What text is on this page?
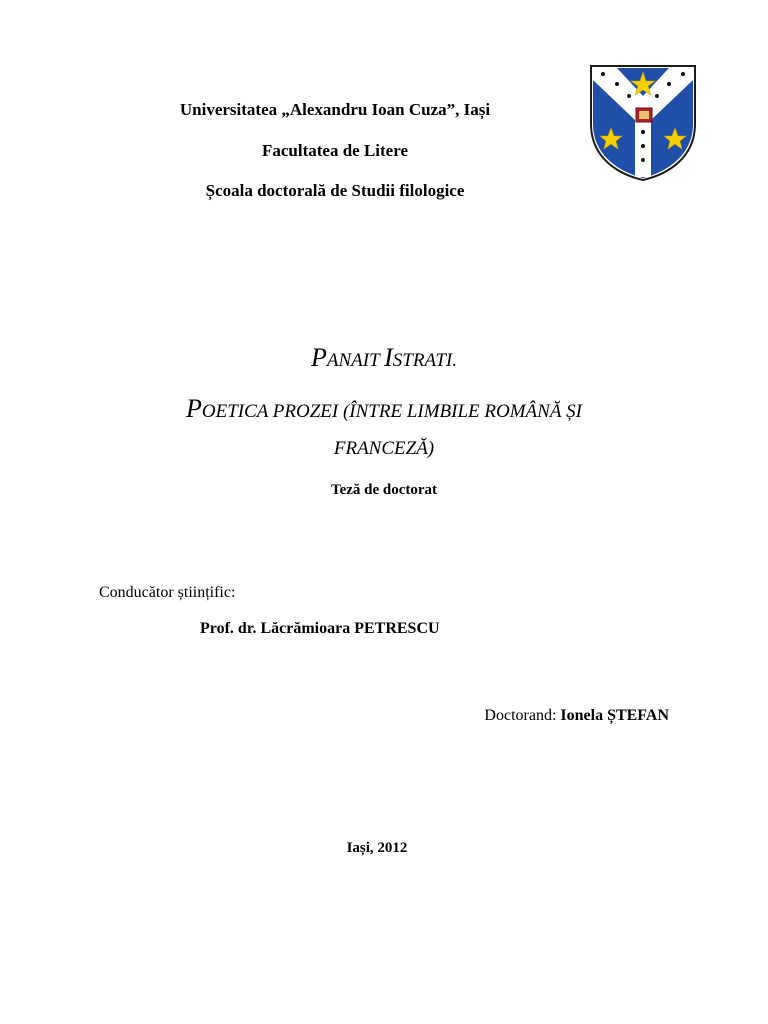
Universitatea „Alexandru Ioan Cuza”, Iași
Facultatea de Litere
Școala doctorală de Studii filologice
PANAIT ISTRATI.
POETICA PROZEI (ÎNTRE LIMBILE ROMÂNĂ ȘI
FRANCEZĂ)
Teză de doctorat
Conducător științific:
Prof. dr. Lăcrămioara PETRESCU
Doctorand: Ionela ȘTEFAN
Iași, 2012
